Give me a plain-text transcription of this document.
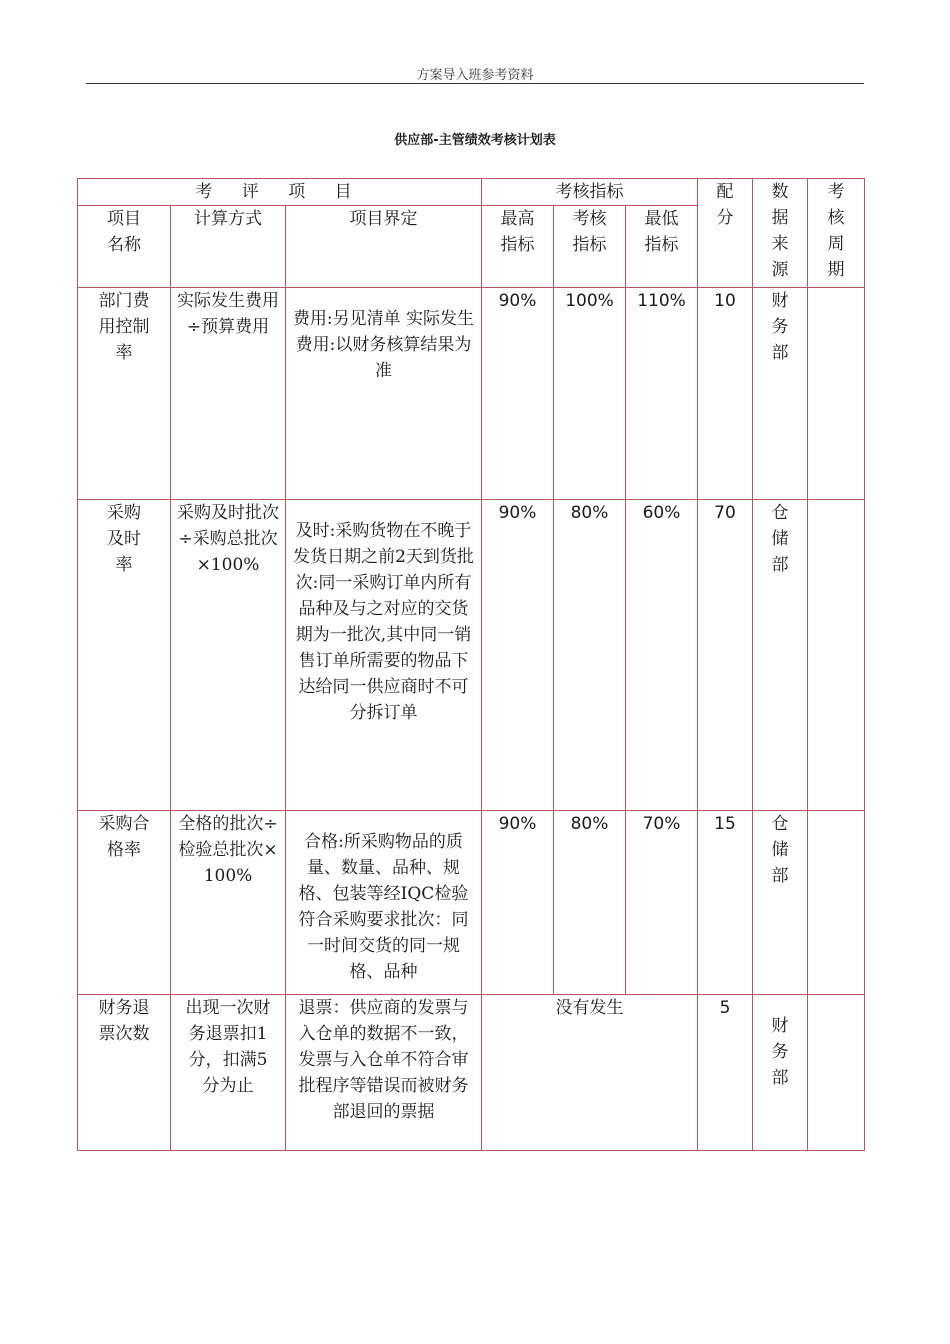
方案导入班参考资料
供应部-主管绩效考核计划表
考 评 项 目			考核指标			配分	数据来源	考核周期
项目名称	计算方式	项目界定	最高指标	考核指标	最低指标			
部门费用控制率	实际发生费用÷预算费用	费用:另见清单 实际发生费用:以财务核算结果为准	90%	100%	110%	10	财务部	
采购及时率	采购及时批次÷采购总批次×100%	及时:采购货物在不晚于发货日期之前2天到货批次:同一采购订单内所有品种及与之对应的交货期为一批次,其中同一销售订单所需要的物品下达给同一供应商时不可分拆订单	90%	80%	60%	70	仓储部	
采购合格率	全格的批次÷检验总批次×100%	合格:所采购物品的质量、数量、品种、规格、包装等经IQC检验符合采购要求批次：同一时间交货的同一规格、品种	90%	80%	70%	15	仓储部	
财务退票次数	出现一次财务退票扣1分，扣满5分为止	退票：供应商的发票与入仓单的数据不一致，发票与入仓单不符合审批程序等错误而被财务部退回的票据	没有发生			5	财务部	
